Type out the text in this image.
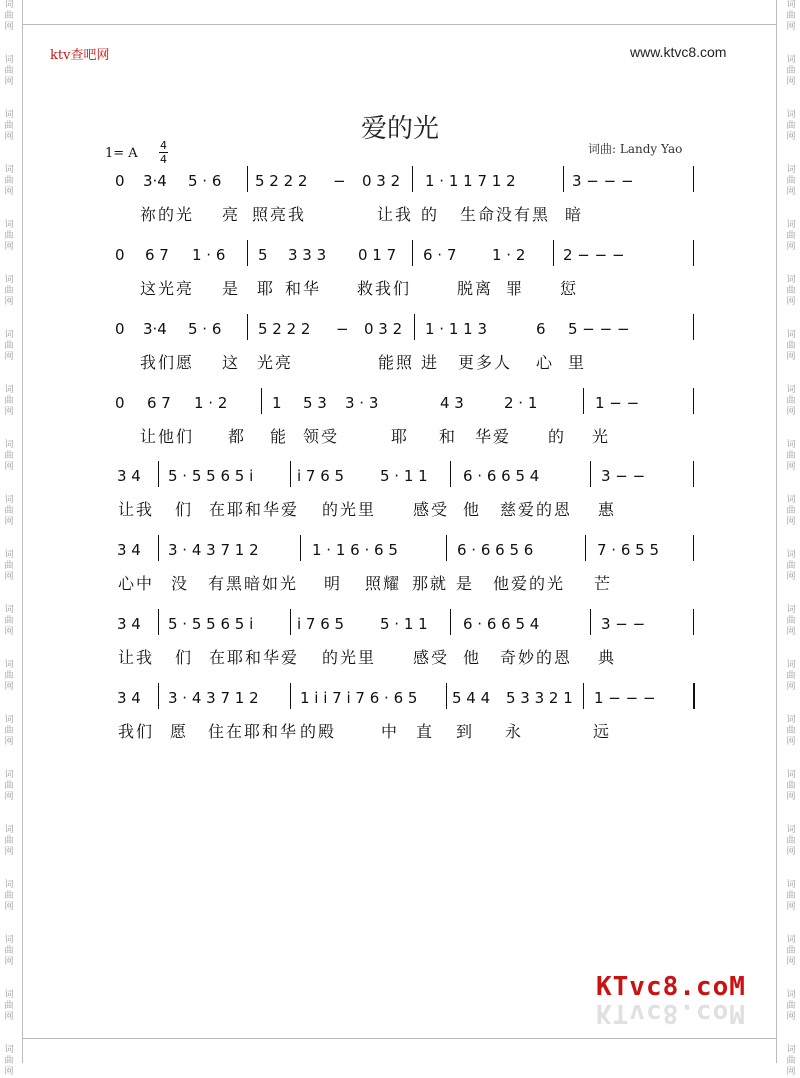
词
曲
网
词
曲
网
词
曲
网
词
曲
网
词
曲
网
词
曲
网
词
曲
网
词
曲
网
词
曲
网
词
曲
网
词
曲
网
词
曲
网
词
曲
网
词
曲
网
词
曲
网
词
曲
网
词
曲
网
词
曲
网
词
曲
网
词
曲
网
词
曲
网
词
曲
网
词
曲
网
词
曲
网
词
曲
网
词
曲
网
词
曲
网
词
曲
网
词
曲
网
词
曲
网
词
曲
网
词
曲
网
词
曲
网
词
曲
网
词
曲
网
词
曲
网
词
曲
网
词
曲
网
词
曲
网
词
曲
网
ktv查吧网	www.ktvc8.com
爱的光
1= A
4
4
词曲: Landy Yao
0 3·4 5 · 6 5 2 2 2 − 0 3 2 1 · 1 1 7 1 2	3 − − −
祢的光 亮 照亮我	让我 的 生命没有黑 暗
0 6 7 1 · 6 5 3 3 3 0 1 7 6 · 7 1 · 2	2 − − −
这光亮 是 耶 和华 救我们	脱离 罪 愆
0 3·4 5 · 6 5 2 2 2 − 0 3 2 1 · 1 1 3	6 5 − − −
我们愿 这 光亮	能照 进 更多人 心 里
0 6 7 1 · 2	1 5 3 3 · 3	4 3	2 · 1	1 − −
让他们 都 能 领受	耶 和 华爱 的 光
3 4 5 · 5 5 6 5 i	i 7 6 5 5 · 1 1 6 · 6 6 5 4	3 − −
让我 们 在耶和华爱 的光里 感受 他 慈爱的恩 惠
3 4 3 · 4 3 7 1 2	1 · 1 6 · 6 5	6 · 6 6 5 6	7 · 6 5 5
心中 没 有黑暗如光 明 照耀 那就 是 他爱的光 芒
3 4 5 · 5 5 6 5 i	i 7 6 5 5 · 1 1 6 · 6 6 5 4	3 − −
让我 们 在耶和华爱 的光里 感受 他 奇妙的恩 典
3 4 3 · 4 3 7 1 2	1 i i 7 i 7 6 · 6 5 5 4 4 5 3 3 2 1 1 − − −
我们 愿 住在耶和华 的殿	中 直 到 永	远
KTvc8.coM
KTvc8.coM
